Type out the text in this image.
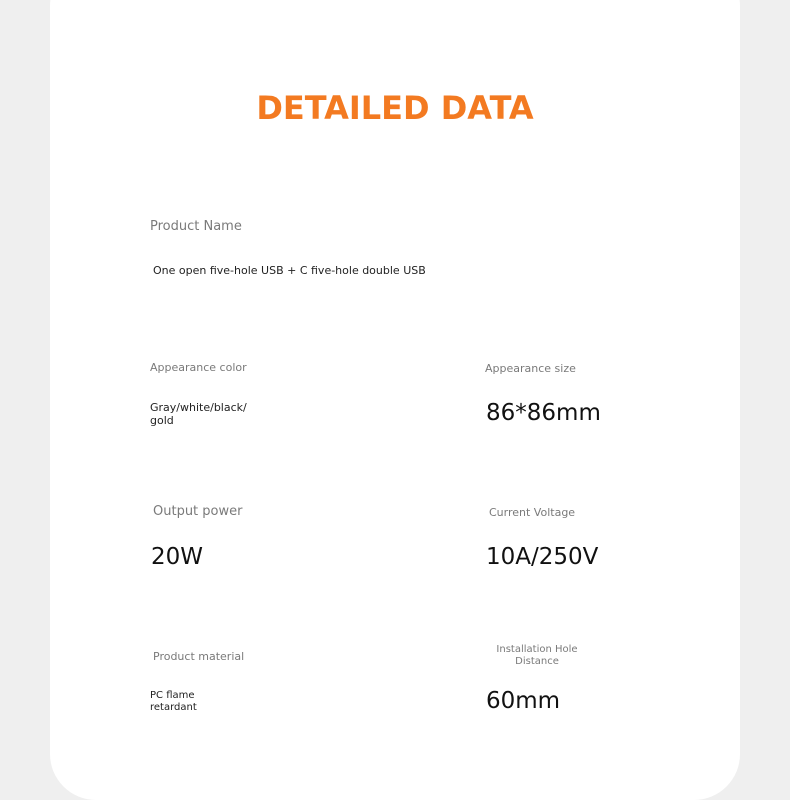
DETAILED DATA
Product Name
One open five-hole USB + C five-hole double USB
Appearance color
Gray/white/black/
gold
Appearance size
86*86mm
Output power
20W
Current Voltage
10A/250V
Product material
PC flame
retardant
Installation Hole
Distance
60mm
